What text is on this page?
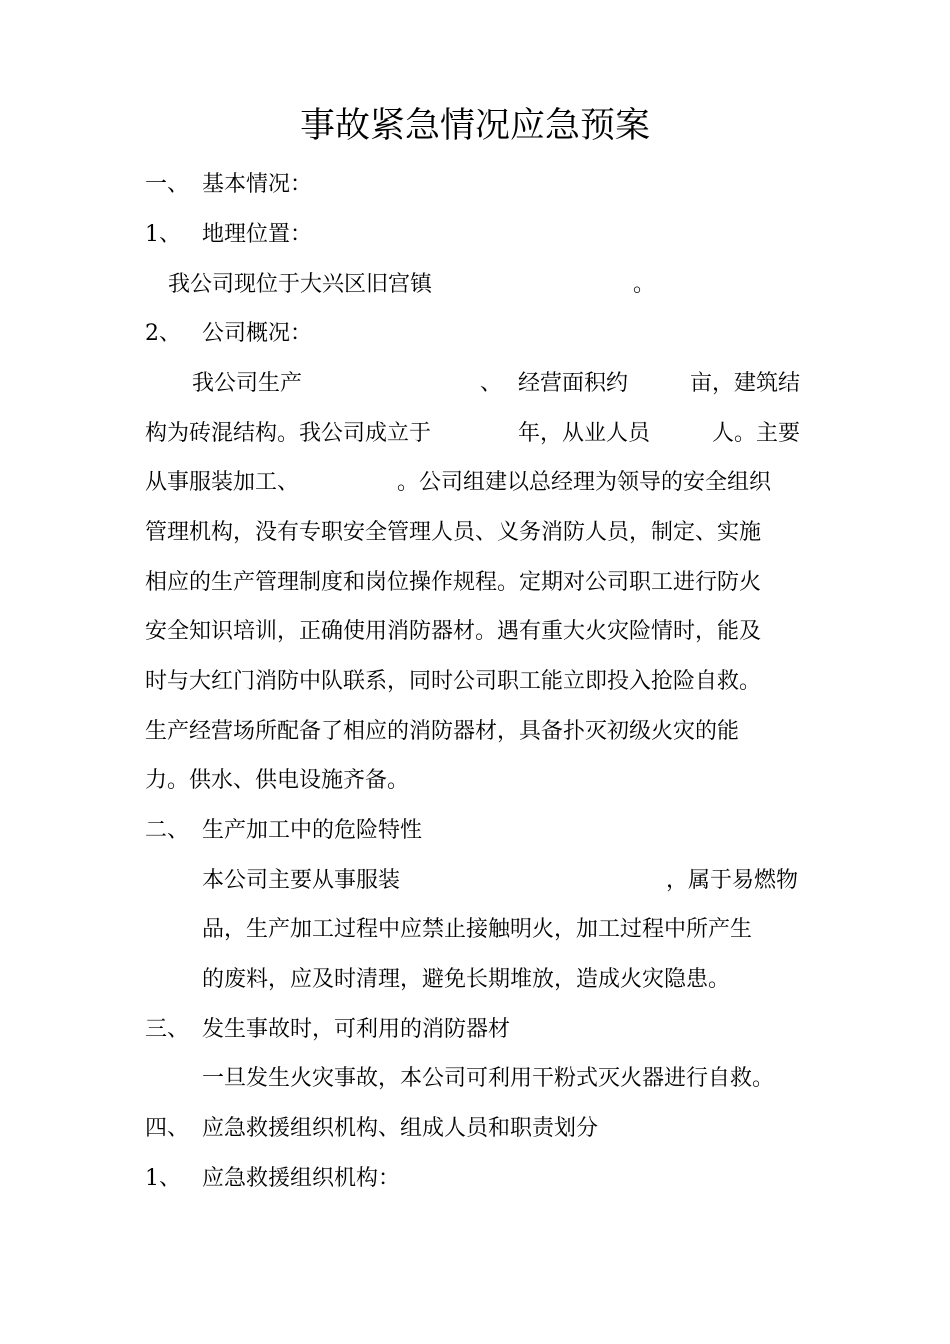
事故紧急情况应急预案
一、 基本情况：
1、 地理位置：
我公司现位于大兴区旧宫镇	。
2、 公司概况：
我公司生产	、 经营面积约	亩，建筑结
构为砖混结构。我公司成立于	年，从业人员	人。主要
从事服装加工、	。公司组建以总经理为领导的安全组织
管理机构，没有专职安全管理人员、义务消防人员，制定、实施
相应的生产管理制度和岗位操作规程。定期对公司职工进行防火
安全知识培训，正确使用消防器材。遇有重大火灾险情时，能及
时与大红门消防中队联系，同时公司职工能立即投入抢险自救。
生产经营场所配备了相应的消防器材，具备扑灭初级火灾的能
力。供水、供电设施齐备。
二、 生产加工中的危险特性
本公司主要从事服装	，属于易燃物
品，生产加工过程中应禁止接触明火，加工过程中所产生
的废料，应及时清理，避免长期堆放，造成火灾隐患。
三、 发生事故时，可利用的消防器材
一旦发生火灾事故，本公司可利用干粉式灭火器进行自救。
四、 应急救援组织机构、组成人员和职责划分
1、 应急救援组织机构：
